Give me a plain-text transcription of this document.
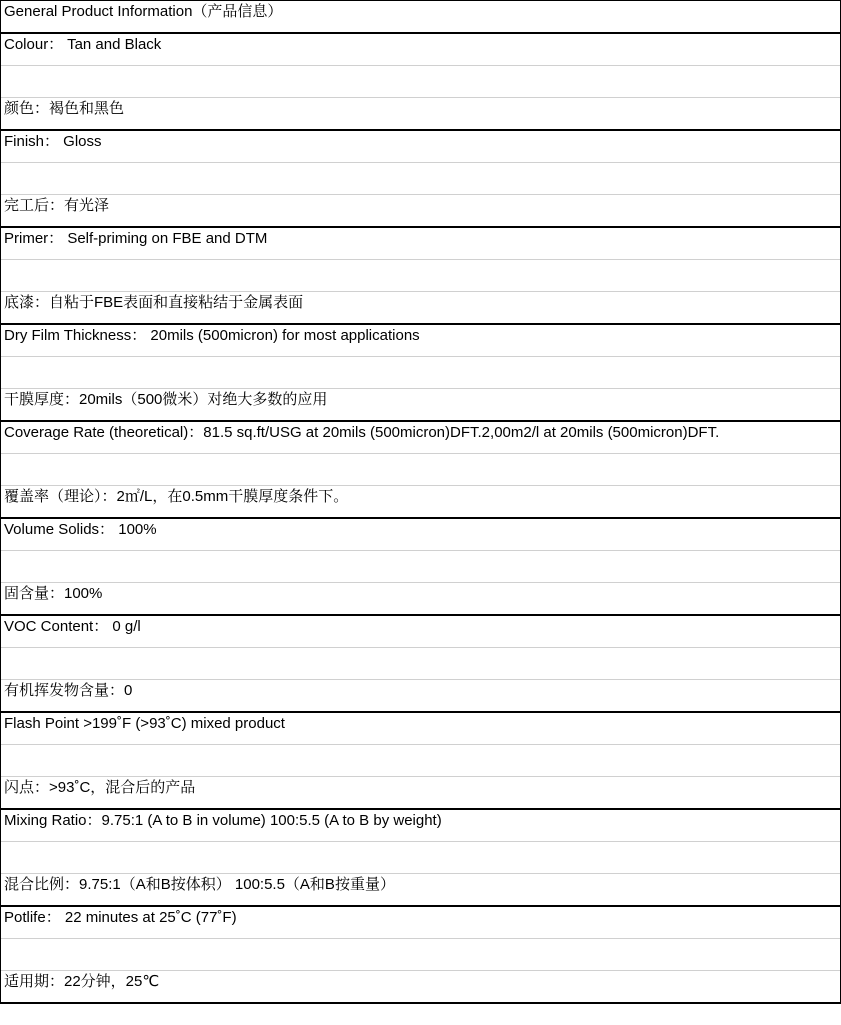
General Product Information（产品信息）
Colour： Tan and Black
颜色：褐色和黑色
Finish： Gloss
完工后：有光泽
Primer： Self-priming on FBE and DTM
底漆：自粘于FBE表面和直接粘结于金属表面
Dry Film Thickness： 20mils (500micron) for most applications
干膜厚度：20mils（500微米）对绝大多数的应用
Coverage Rate (theoretical)：81.5 sq.ft/USG at 20mils (500micron)DFT.2,00m2/l at 20mils (500micron)DFT.
覆盖率（理论）：2㎡/L，在0.5mm干膜厚度条件下。
Volume Solids： 100%
固含量：100%
VOC Content： 0 g/l
有机挥发物含量：0
Flash Point >199˚F (>93˚C) mixed product
闪点：>93˚C，混合后的产品
Mixing Ratio：9.75:1 (A to B in volume) 100:5.5 (A to B by weight)
混合比例：9.75:1（A和B按体积） 100:5.5（A和B按重量）
Potlife： 22 minutes at 25˚C (77˚F)
适用期：22分钟，25℃
